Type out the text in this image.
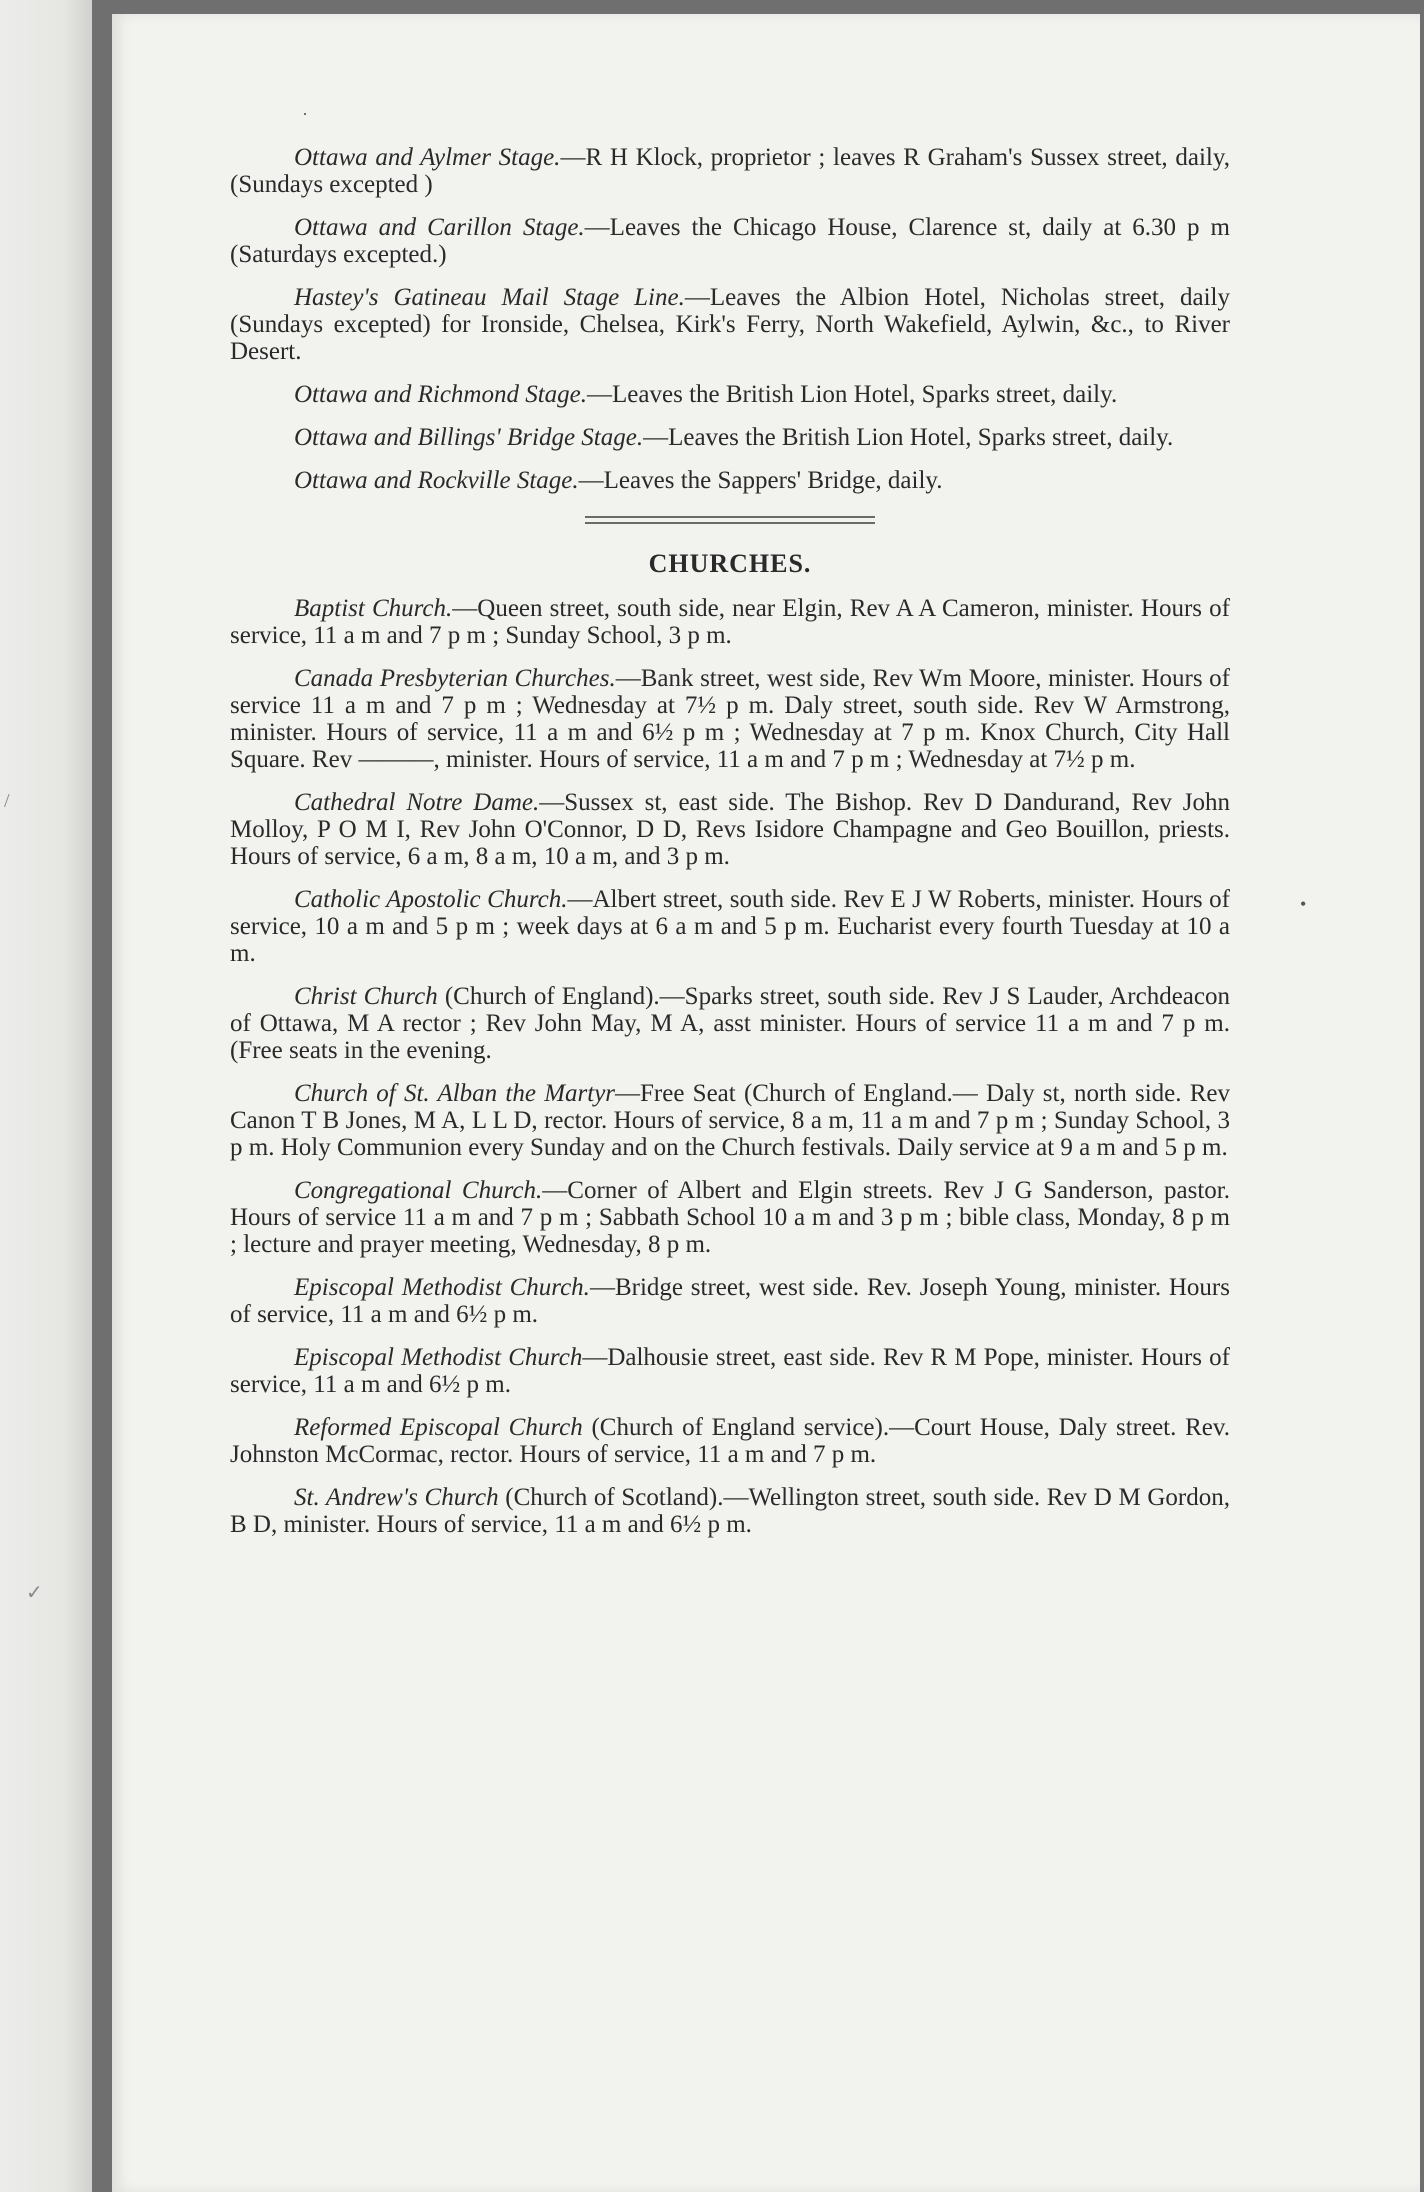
/
✓
·
•

Ottawa and Aylmer Stage.—R H Klock, proprietor ; leaves R Graham's Sussex street, daily, (Sundays excepted )

Ottawa and Carillon Stage.—Leaves the Chicago House, Clarence st, daily at 6.30 p m (Saturdays excepted.)

Hastey's Gatineau Mail Stage Line.—Leaves the Albion Hotel, Nicholas street, daily (Sundays excepted) for Ironside, Chelsea, Kirk's Ferry, North Wakefield, Aylwin, &c., to River Desert.

Ottawa and Richmond Stage.—Leaves the British Lion Hotel, Sparks street, daily.

Ottawa and Billings' Bridge Stage.—Leaves the British Lion Hotel, Sparks street, daily.

Ottawa and Rockville Stage.—Leaves the Sappers' Bridge, daily.

CHURCHES.

Baptist Church.—Queen street, south side, near Elgin, Rev A A Cameron, minister. Hours of service, 11 a m and 7 p m ; Sunday School, 3 p m.

Canada Presbyterian Churches.—Bank street, west side, Rev Wm Moore, minister. Hours of service 11 a m and 7 p m ; Wednesday at 7½ p m. Daly street, south side. Rev W Armstrong, minister. Hours of service, 11 a m and 6½ p m ; Wednesday at 7 p m. Knox Church, City Hall Square. Rev ———, minister. Hours of service, 11 a m and 7 p m ; Wednesday at 7½ p m.

Cathedral Notre Dame.—Sussex st, east side. The Bishop. Rev D Dandurand, Rev John Molloy, P O M I, Rev John O'Connor, D D, Revs Isidore Champagne and Geo Bouillon, priests. Hours of service, 6 a m, 8 a m, 10 a m, and 3 p m.

Catholic Apostolic Church.—Albert street, south side. Rev E J W Roberts, minister. Hours of service, 10 a m and 5 p m ; week days at 6 a m and 5 p m. Eucharist every fourth Tuesday at 10 a m.

Christ Church (Church of England).—Sparks street, south side. Rev J S Lauder, Archdeacon of Ottawa, M A rector ; Rev John May, M A, asst minister. Hours of service 11 a m and 7 p m. (Free seats in the evening.

Church of St. Alban the Martyr—Free Seat (Church of England.— Daly st, north side. Rev Canon T B Jones, M A, L L D, rector. Hours of service, 8 a m, 11 a m and 7 p m ; Sunday School, 3 p m. Holy Communion every Sunday and on the Church festivals. Daily service at 9 a m and 5 p m.

Congregational Church.—Corner of Albert and Elgin streets. Rev J G Sanderson, pastor. Hours of service 11 a m and 7 p m ; Sabbath School 10 a m and 3 p m ; bible class, Monday, 8 p m ; lecture and prayer meeting, Wednesday, 8 p m.

Episcopal Methodist Church.—Bridge street, west side. Rev. Joseph Young, minister. Hours of service, 11 a m and 6½ p m.

Episcopal Methodist Church—Dalhousie street, east side. Rev R M Pope, minister. Hours of service, 11 a m and 6½ p m.

Reformed Episcopal Church (Church of England service).—Court House, Daly street. Rev. Johnston McCormac, rector. Hours of service, 11 a m and 7 p m.

St. Andrew's Church (Church of Scotland).—Wellington street, south side. Rev D M Gordon, B D, minister. Hours of service, 11 a m and 6½ p m.
